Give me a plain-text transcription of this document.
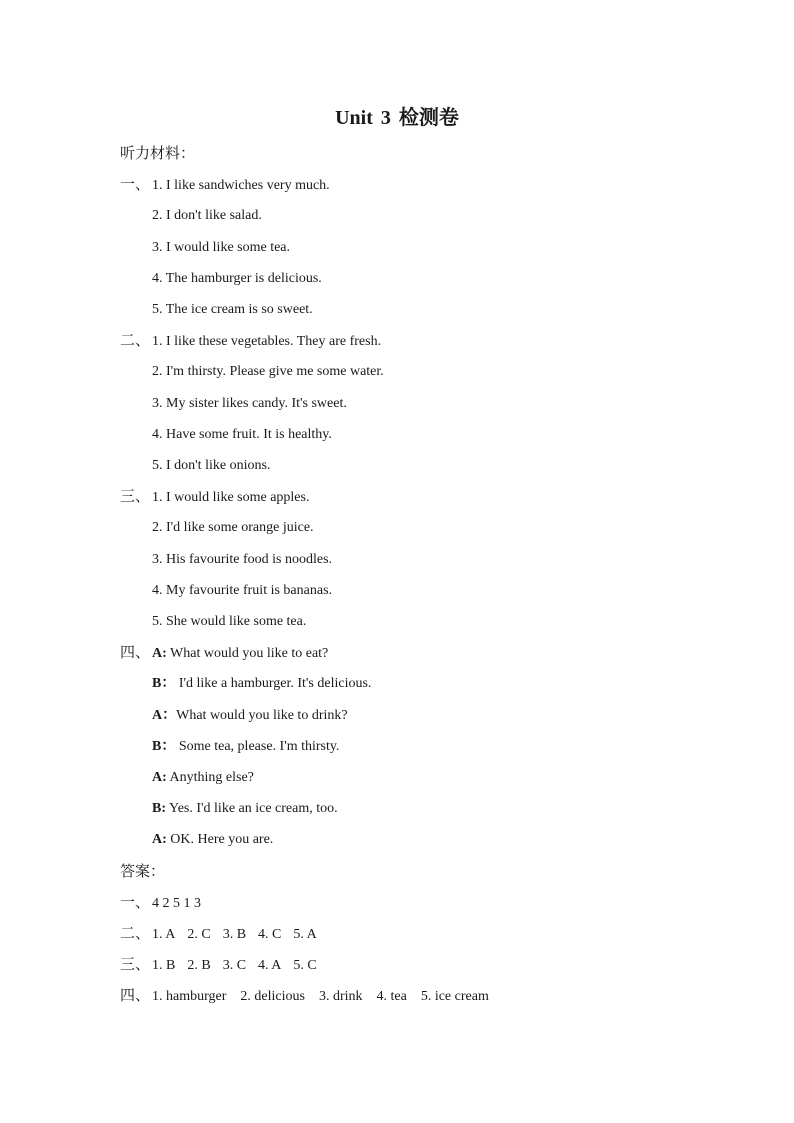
Unit 3 检测卷
听力材料：
一、 1. I like sandwiches very much.
2. I don't like salad.
3. I would like some tea.
4. The hamburger is delicious.
5. The ice cream is so sweet.
二、 1. I like these vegetables. They are fresh.
2. I'm thirsty. Please give me some water.
3. My sister likes candy. It's sweet.
4. Have some fruit. It is healthy.
5. I don't like onions.
三、 1. I would like some apples.
2. I'd like some orange juice.
3. His favourite food is noodles.
4. My favourite fruit is bananas.
5. She would like some tea.
四、 A: What would you like to eat?
B： I'd like a hamburger. It's delicious.
A：What would you like to drink?
B： Some tea, please. I'm thirsty.
A: Anything else?
B: Yes. I'd like an ice cream, too.
A: OK. Here you are.
答案：
一、 4 2 5 1 3
二、 1. A 2. C 3. B 4. C 5. A
三、 1. B 2. B 3. C 4. A 5. C
四、 1. hamburger 2. delicious 3. drink 4. tea 5. ice cream
